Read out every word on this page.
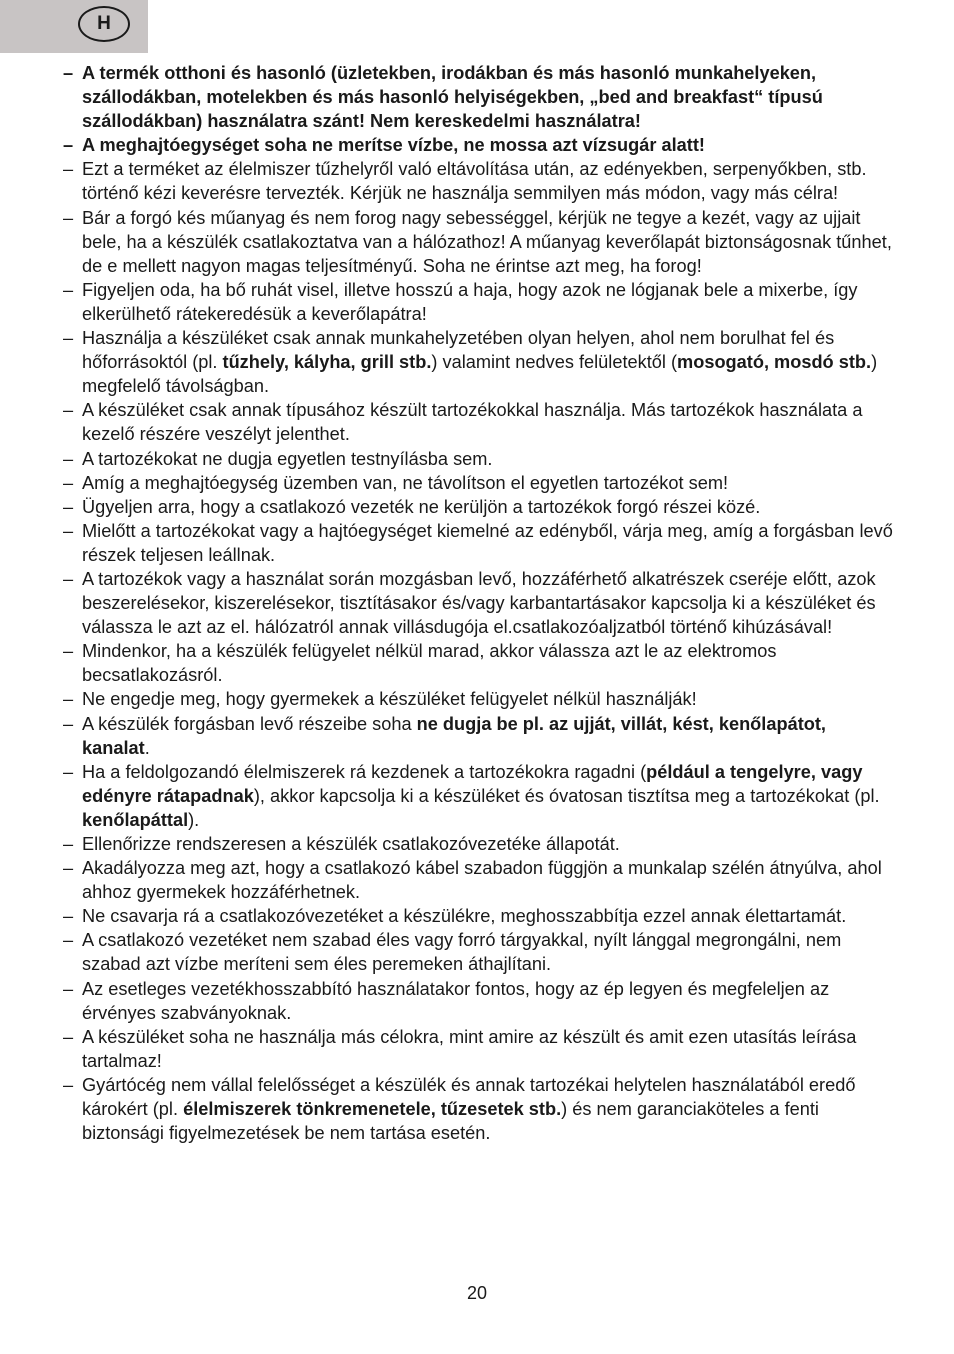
H
– A termék otthoni és hasonló (üzletekben, irodákban és más hasonló munkahelyeken, szállodákban, motelekben és más hasonló helyiségekben, „bed and breakfast“ típusú szállodákban) használatra szánt! Nem kereskedelmi használatra!
– A meghajtóegységet soha ne merítse vízbe, ne mossa azt vízsugár alatt!
– Ezt a terméket az élelmiszer tűzhelyről való eltávolítása után, az edényekben, serpenyőkben, stb. történő kézi keverésre tervezték. Kérjük ne használja semmilyen más módon, vagy más célra!
– Bár a forgó kés műanyag és nem forog nagy sebességgel, kérjük ne tegye a kezét, vagy az ujjait bele, ha a készülék csatlakoztatva van a hálózathoz! A műanyag keverőlapát biztonságosnak tűnhet, de e mellett nagyon magas teljesítményű. Soha ne érintse azt meg, ha forog!
– Figyeljen oda, ha bő ruhát visel, illetve hosszú a haja, hogy azok ne lógjanak bele a mixerbe, így elkerülhető rátekeredésük a keverőlapátra!
– Használja a készüléket csak annak munkahelyzetében olyan helyen, ahol nem borulhat fel és hőforrásoktól (pl. tűzhely, kályha, grill stb.) valamint nedves felületektől (mosogató, mosdó stb.) megfelelő távolságban.
– A készüléket csak annak típusához készült tartozékokkal használja. Más tartozékok használata a kezelő részére veszélyt jelenthet.
– A tartozékokat ne dugja egyetlen testnyílásba sem.
– Amíg a meghajtóegység üzemben van, ne távolítson el egyetlen tartozékot sem!
– Ügyeljen arra, hogy a csatlakozó vezeték ne kerüljön a tartozékok forgó részei közé.
– Mielőtt a tartozékokat vagy a hajtóegységet kiemelné az edényből, várja meg, amíg a forgásban levő részek teljesen leállnak.
– A tartozékok vagy a használat során mozgásban levő, hozzáférhető alkatrészek cseréje előtt, azok beszerelésekor, kiszerelésekor, tisztításakor és/vagy karbantartásakor kapcsolja ki a készüléket és válassza le azt az el. hálózatról annak villásdugója el.csatlakozóaljzatból történő kihúzásával!
– Mindenkor, ha a készülék felügyelet nélkül marad, akkor válassza azt le az elektromos becsatlakozásról.
– Ne engedje meg, hogy gyermekek a készüléket felügyelet nélkül használják!
– A készülék forgásban levő részeibe soha ne dugja be pl. az ujját, villát, kést, kenőlapátot, kanalat.
– Ha a feldolgozandó élelmiszerek rá kezdenek a tartozékokra ragadni (például a tengelyre, vagy edényre rátapadnak), akkor kapcsolja ki a készüléket és óvatosan tisztítsa meg a tartozékokat (pl. kenőlapáttal).
– Ellenőrizze rendszeresen a készülék csatlakozóvezetéke állapotát.
– Akadályozza meg azt, hogy a csatlakozó kábel szabadon függjön a munkalap szélén átnyúlva, ahol ahhoz gyermekek hozzáférhetnek.
– Ne csavarja rá a csatlakozóvezetéket a készülékre, meghosszabbítja ezzel annak élettartamát.
– A csatlakozó vezetéket nem szabad éles vagy forró tárgyakkal, nyílt lánggal megrongálni, nem szabad azt vízbe meríteni sem éles peremeken áthajlítani.
– Az esetleges vezetékhosszabbító használatakor fontos, hogy az ép legyen és megfeleljen az érvényes szabványoknak.
– A készüléket soha ne használja más célokra, mint amire az készült és amit ezen utasítás leírása tartalmaz!
– Gyártócég nem vállal felelősséget a készülék és annak tartozékai helytelen használatából eredő károkért (pl. élelmiszerek tönkremenetele, tűzesetek stb.) és nem garanciaköteles a fenti biztonsági figyelmezetések be nem tartása esetén.
20
